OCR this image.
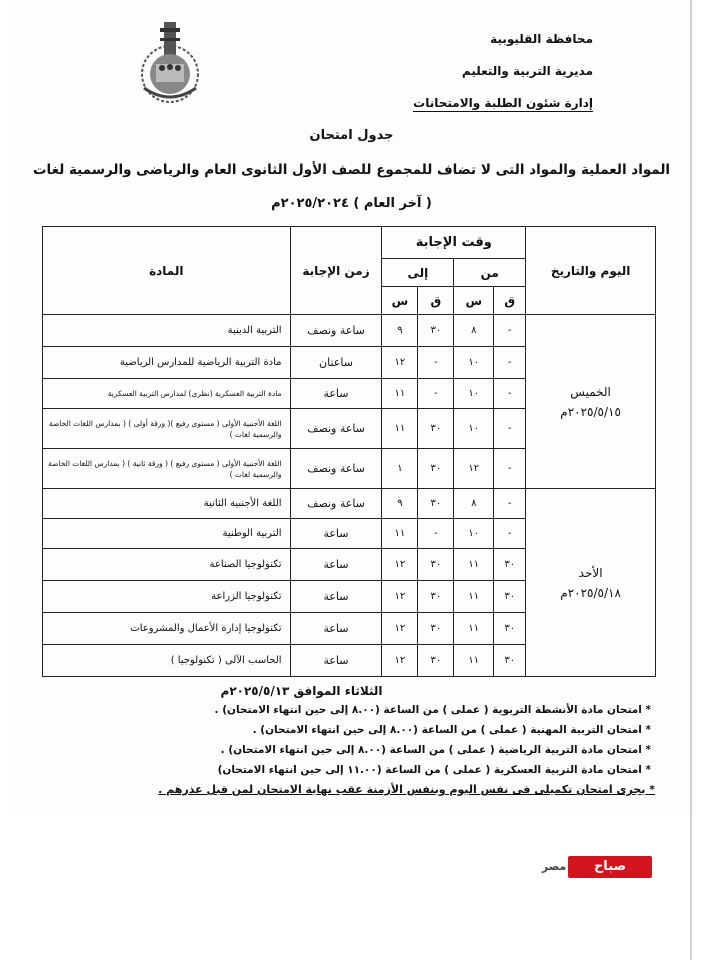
محافظة القليوبية
مديرية التربية والتعليم
إدارة شئون الطلبة والامتحانات
جدول امتحان
المواد العملية والمواد التى لا تضاف للمجموع للصف الأول الثانوى العام والرياضى والرسمية لغات
( آخر العام ) ٢٠٢٥/٢٠٢٤م
اليوم والتاريخ	وقت الإجابة				زمن الإجابة	المادة
	من		إلى			
	ق	س	ق	س		

الخميس
٢٠٢٥/٥/١٥م	-	٨	٣٠	٩	ساعة ونصف	التربية الدينية
	-	١٠	-	١٢	ساعتان	مادة التربية الرياضية للمدارس الرياضية
	-	١٠	-	١١	ساعة	مادة التربية العسكرية (نظرى) لمدارس التربية العسكرية
	-	١٠	٣٠	١١	ساعة ونصف	اللغة الأجنبية الأولى ( مستوى رفيع )( ورقة أولى ) ( بمدارس اللغات الخاصة والرسمية لغات )
	-	١٢	٣٠	١	ساعة ونصف	اللغة الأجنبية الأولى ( مستوى رفيع ) ( ورقة ثانية ) ( بمدارس اللغات الخاصة والرسمية لغات )

الأحد
٢٠٢٥/٥/١٨م	-	٨	٣٠	٩	ساعة ونصف	اللغة الأجنبية الثانية
	-	١٠	-	١١	ساعة	التربية الوطنية
	٣٠	١١	٣٠	١٢	ساعة	تكنولوجيا الصناعة
	٣٠	١١	٣٠	١٢	ساعة	تكنولوجيا الزراعة
	٣٠	١١	٣٠	١٢	ساعة	تكنولوجيا إدارة الأعمال والمشروعات
	٣٠	١١	٣٠	١٢	ساعة	الحاسب الآلى ( تكنولوجيا )
الثلاثاء الموافق ٢٠٢٥/٥/١٣م
* امتحان مادة الأنشطة التربوية ( عملى ) من الساعة (٨.٠٠ إلى حين انتهاء الامتحان) .
* امتحان التربية المهنية ( عملى ) من الساعة (٨.٠٠ إلى حين انتهاء الامتحان) .
* امتحان مادة التربية الرياضية ( عملى ) من الساعة (٨.٠٠ إلى حين انتهاء الامتحان) .
* امتحان مادة التربية العسكرية ( عملى ) من الساعة (١١.٠٠ إلى حين انتهاء الامتحان)
* يجرى امتحان تكميلى فى نفس اليوم وبنفس الأزمنة عقب نهاية الامتحان لمن قبل عذرهم .
مصر	صباح
